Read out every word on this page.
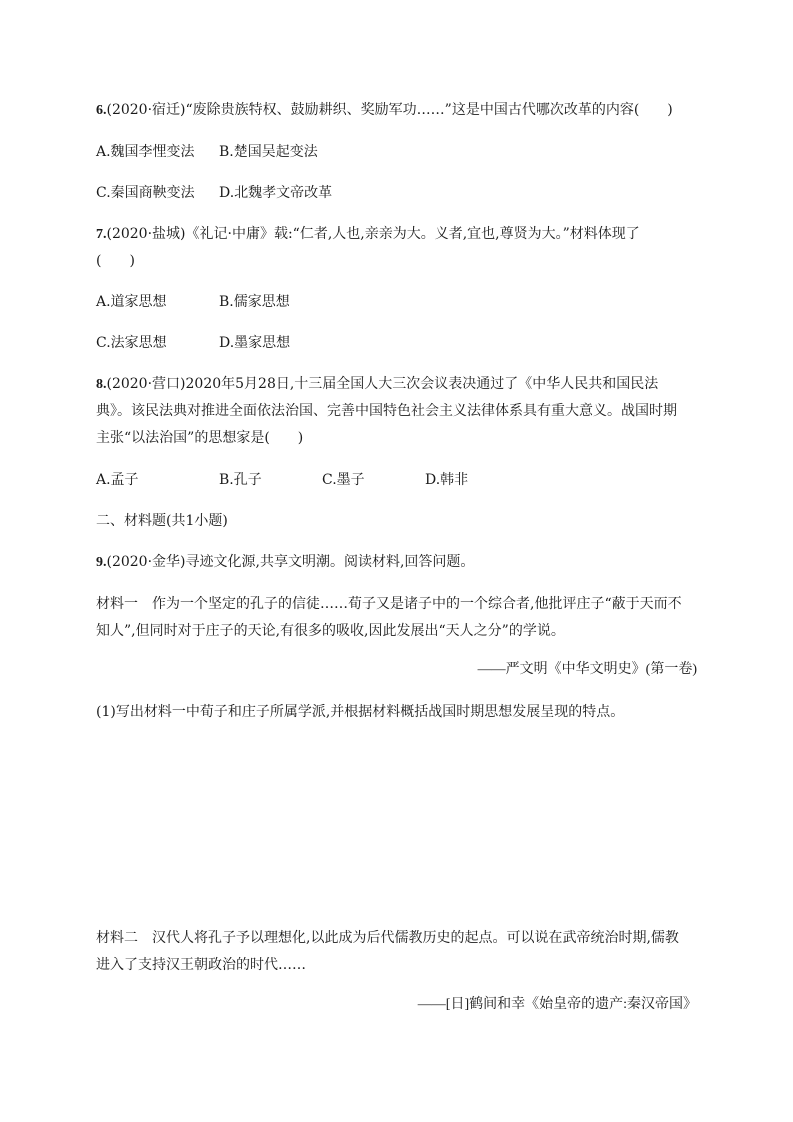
6.(2020·宿迁)“废除贵族特权、鼓励耕织、奖励军功……”这是中国古代哪次改革的内容(　　)
A.魏国李悝变法 B.楚国吴起变法
C.秦国商鞅变法 D.北魏孝文帝改革
7.(2020·盐城)《礼记·中庸》载:“仁者,人也,亲亲为大。义者,宜也,尊贤为大。”材料体现了
(　　)
A.道家思想	B.儒家思想
C.法家思想	D.墨家思想
8.(2020·营口)2020年5月28日,十三届全国人大三次会议表决通过了《中华人民共和国民法
典》。该民法典对推进全面依法治国、完善中国特色社会主义法律体系具有重大意义。战国时期
主张“以法治国”的思想家是(　　)
A.孟子	B.孔子	C.墨子	D.韩非
二、材料题(共1小题)
9.(2020·金华)寻迹文化源,共享文明潮。阅读材料,回答问题。
材料一　作为一个坚定的孔子的信徒……荀子又是诸子中的一个综合者,他批评庄子“蔽于天而不
知人”,但同时对于庄子的天论,有很多的吸收,因此发展出“天人之分”的学说。
——严文明《中华文明史》(第一卷)
(1)写出材料一中荀子和庄子所属学派,并根据材料概括战国时期思想发展呈现的特点。
材料二　汉代人将孔子予以理想化,以此成为后代儒教历史的起点。可以说在武帝统治时期,儒教
进入了支持汉王朝政治的时代……
——[日]鹤间和幸《始皇帝的遗产:秦汉帝国》
